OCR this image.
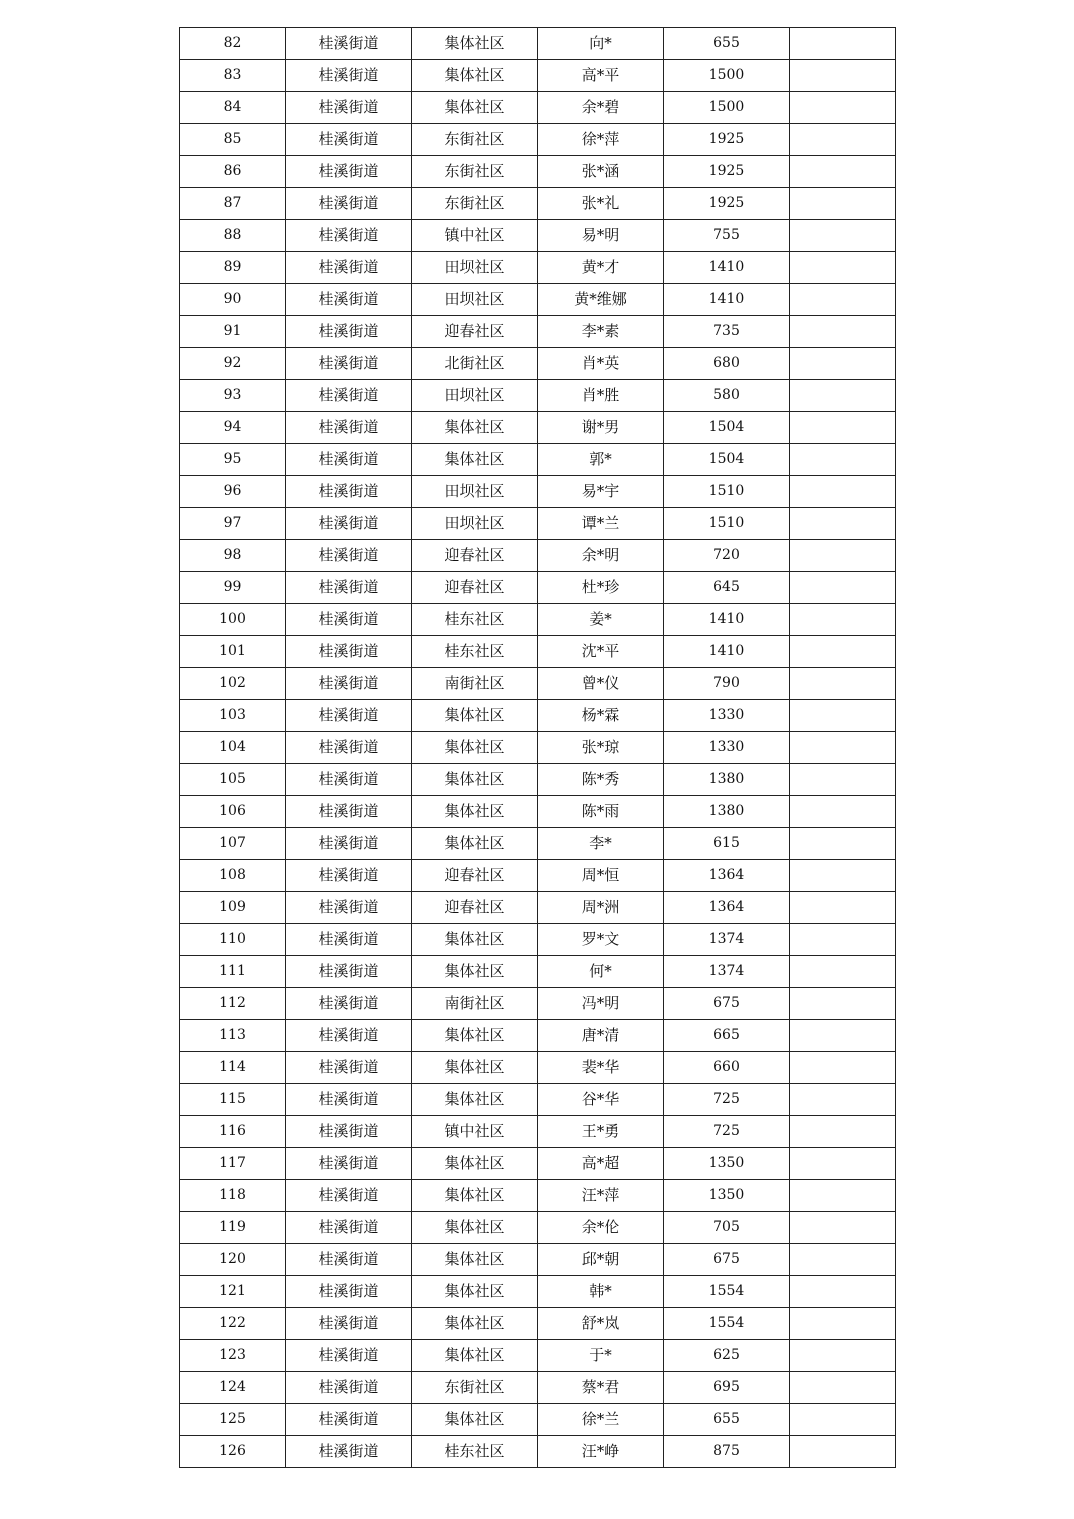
82	桂溪街道	集体社区	向*	655	
83	桂溪街道	集体社区	高*平	1500	
84	桂溪街道	集体社区	余*碧	1500	
85	桂溪街道	东街社区	徐*萍	1925	
86	桂溪街道	东街社区	张*涵	1925	
87	桂溪街道	东街社区	张*礼	1925	
88	桂溪街道	镇中社区	易*明	755	
89	桂溪街道	田坝社区	黄*才	1410	
90	桂溪街道	田坝社区	黄*维娜	1410	
91	桂溪街道	迎春社区	李*素	735	
92	桂溪街道	北街社区	肖*英	680	
93	桂溪街道	田坝社区	肖*胜	580	
94	桂溪街道	集体社区	谢*男	1504	
95	桂溪街道	集体社区	郭*	1504	
96	桂溪街道	田坝社区	易*宇	1510	
97	桂溪街道	田坝社区	谭*兰	1510	
98	桂溪街道	迎春社区	余*明	720	
99	桂溪街道	迎春社区	杜*珍	645	
100	桂溪街道	桂东社区	姜*	1410	
101	桂溪街道	桂东社区	沈*平	1410	
102	桂溪街道	南街社区	曾*仪	790	
103	桂溪街道	集体社区	杨*霖	1330	
104	桂溪街道	集体社区	张*琼	1330	
105	桂溪街道	集体社区	陈*秀	1380	
106	桂溪街道	集体社区	陈*雨	1380	
107	桂溪街道	集体社区	李*	615	
108	桂溪街道	迎春社区	周*恒	1364	
109	桂溪街道	迎春社区	周*洲	1364	
110	桂溪街道	集体社区	罗*文	1374	
111	桂溪街道	集体社区	何*	1374	
112	桂溪街道	南街社区	冯*明	675	
113	桂溪街道	集体社区	唐*清	665	
114	桂溪街道	集体社区	裴*华	660	
115	桂溪街道	集体社区	谷*华	725	
116	桂溪街道	镇中社区	王*勇	725	
117	桂溪街道	集体社区	高*超	1350	
118	桂溪街道	集体社区	汪*萍	1350	
119	桂溪街道	集体社区	余*伦	705	
120	桂溪街道	集体社区	邱*朝	675	
121	桂溪街道	集体社区	韩*	1554	
122	桂溪街道	集体社区	舒*岚	1554	
123	桂溪街道	集体社区	于*	625	
124	桂溪街道	东街社区	蔡*君	695	
125	桂溪街道	集体社区	徐*兰	655	
126	桂溪街道	桂东社区	汪*峥	875	
